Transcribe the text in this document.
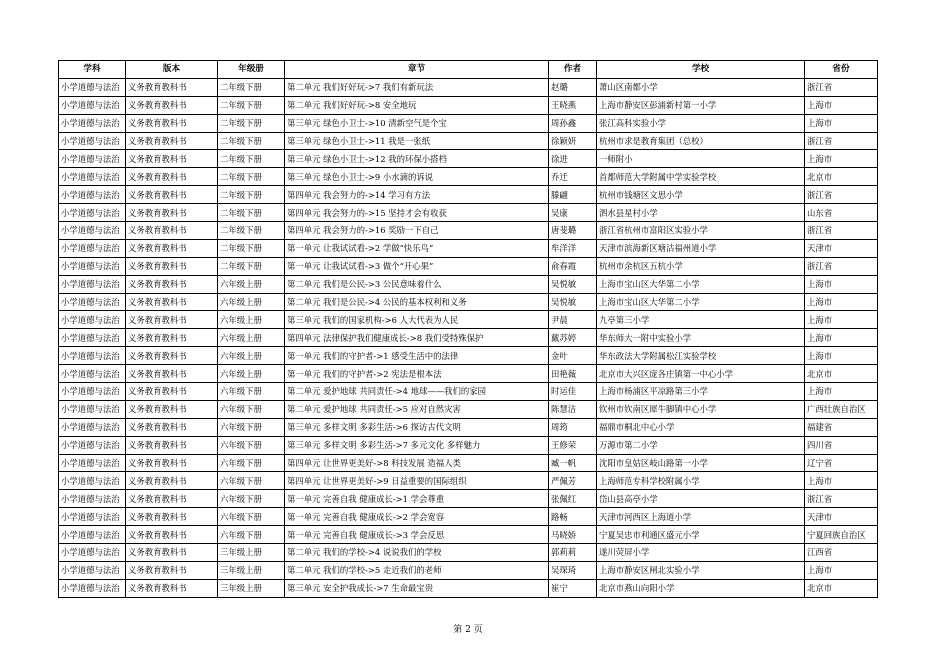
学科	版本	年级册	章节	作者	学校	省份
小学道德与法治	义务教育教科书	二年级下册	第二单元 我们好好玩->7 我们有新玩法	赵璐	萧山区南都小学	浙江省
小学道德与法治	义务教育教科书	二年级下册	第二单元 我们好好玩->8 安全地玩	王晓燕	上海市静安区彭浦新村第一小学	上海市
小学道德与法治	义务教育教科书	二年级下册	第三单元 绿色小卫士->10 清新空气是个宝	周孙鑫	张江高科实验小学	上海市
小学道德与法治	义务教育教科书	二年级下册	第三单元 绿色小卫士->11 我是一张纸	徐颖妍	杭州市求是教育集团（总校）	浙江省
小学道德与法治	义务教育教科书	二年级下册	第三单元 绿色小卫士->12 我的环保小搭档	徐进	一师附小	上海市
小学道德与法治	义务教育教科书	二年级下册	第三单元 绿色小卫士->9 小水滴的诉说	乔迁	首都师范大学附属中学实验学校	北京市
小学道德与法治	义务教育教科书	二年级下册	第四单元 我会努力的->14 学习有方法	滕翩	杭州市钱塘区文思小学	浙江省
小学道德与法治	义务教育教科书	二年级下册	第四单元 我会努力的->15 坚持才会有收获	吴康	泗水县星村小学	山东省
小学道德与法治	义务教育教科书	二年级下册	第四单元 我会努力的->16 奖励一下自己	唐斐璐	浙江省杭州市富阳区实验小学	浙江省
小学道德与法治	义务教育教科书	二年级下册	第一单元 让我试试看->2 学做“快乐鸟”	牟洋洋	天津市滨海新区塘沽福州道小学	天津市
小学道德与法治	义务教育教科书	二年级下册	第一单元 让我试试看->3 做个“开心果”	俞春霞	杭州市余杭区五杭小学	浙江省
小学道德与法治	义务教育教科书	六年级上册	第二单元 我们是公民->3 公民意味着什么	吴悦敏	上海市宝山区大华第二小学	上海市
小学道德与法治	义务教育教科书	六年级上册	第二单元 我们是公民->4 公民的基本权利和义务	吴悦敏	上海市宝山区大华第二小学	上海市
小学道德与法治	义务教育教科书	六年级上册	第三单元 我们的国家机构->6 人大代表为人民	尹晨	九亭第三小学	上海市
小学道德与法治	义务教育教科书	六年级上册	第四单元 法律保护我们健康成长->8 我们受特殊保护	戴苏婷	华东师大一附中实验小学	上海市
小学道德与法治	义务教育教科书	六年级上册	第一单元 我们的守护者->1 感受生活中的法律	金叶	华东政法大学附属松江实验学校	上海市
小学道德与法治	义务教育教科书	六年级上册	第一单元 我们的守护者->2 宪法是根本法	田艳薇	北京市大兴区庞各庄镇第一中心小学	北京市
小学道德与法治	义务教育教科书	六年级下册	第二单元 爱护地球 共同责任->4 地球——我们的家园	时运佳	上海市杨浦区平凉路第三小学	上海市
小学道德与法治	义务教育教科书	六年级下册	第二单元 爱护地球 共同责任->5 应对自然灾害	陈慧洁	钦州市钦南区犀牛脚镇中心小学	广西壮族自治区
小学道德与法治	义务教育教科书	六年级下册	第三单元 多样文明 多彩生活->6 探访古代文明	周筠	福鼎市桐北中心小学	福建省
小学道德与法治	义务教育教科书	六年级下册	第三单元 多样文明 多彩生活->7 多元文化 多样魅力	王修荣	万源市第二小学	四川省
小学道德与法治	义务教育教科书	六年级下册	第四单元 让世界更美好->8 科技发展 造福人类	臧一帆	沈阳市皇姑区岐山路第一小学	辽宁省
小学道德与法治	义务教育教科书	六年级下册	第四单元 让世界更美好->9 日益重要的国际组织	严佩芳	上海师范专科学校附属小学	上海市
小学道德与法治	义务教育教科书	六年级下册	第一单元 完善自我 健康成长->1 学会尊重	张佩红	岱山县高亭小学	浙江省
小学道德与法治	义务教育教科书	六年级下册	第一单元 完善自我 健康成长->2 学会宽容	路畅	天津市河西区上海道小学	天津市
小学道德与法治	义务教育教科书	六年级下册	第一单元 完善自我 健康成长->3 学会反思	马晓娇	宁夏吴忠市利通区盛元小学	宁夏回族自治区
小学道德与法治	义务教育教科书	三年级上册	第二单元 我们的学校->4 说说我们的学校	郭莉莉	遂川荧屏小学	江西省
小学道德与法治	义务教育教科书	三年级上册	第二单元 我们的学校->5 走近我们的老师	吴琛琦	上海市静安区闸北实验小学	上海市
小学道德与法治	义务教育教科书	三年级上册	第三单元 安全护我成长->7 生命最宝贵	崔宁	北京市燕山向阳小学	北京市
第 2 页
